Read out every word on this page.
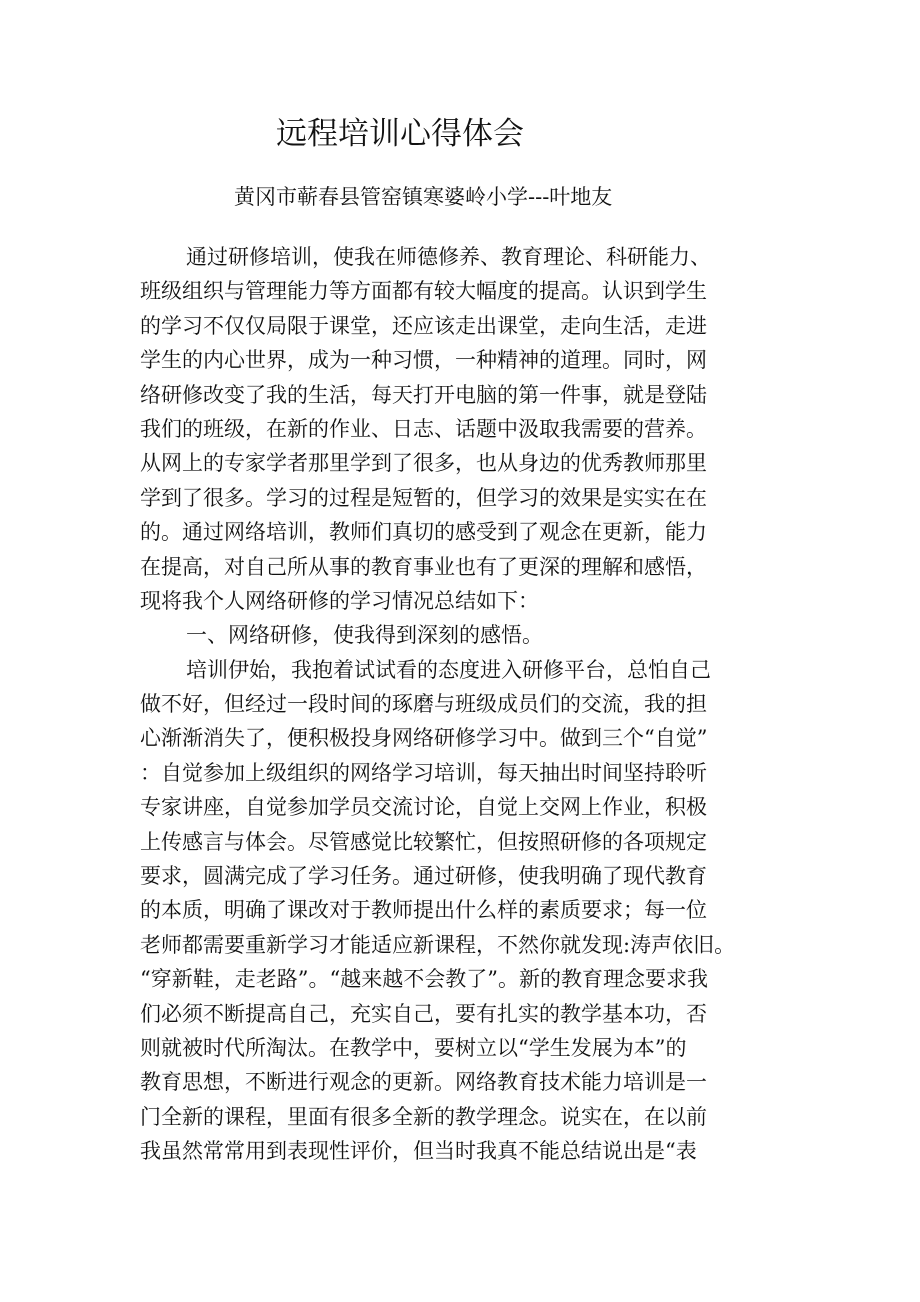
远程培训心得体会
黄冈市蕲春县管窑镇寒婆岭小学---叶地友
通过研修培训，使我在师德修养、教育理论、科研能力、
班级组织与管理能力等方面都有较大幅度的提高。认识到学生
的学习不仅仅局限于课堂，还应该走出课堂，走向生活，走进
学生的内心世界，成为一种习惯，一种精神的道理。同时，网
络研修改变了我的生活，每天打开电脑的第一件事，就是登陆
我们的班级，在新的作业、日志、话题中汲取我需要的营养。
从网上的专家学者那里学到了很多，也从身边的优秀教师那里
学到了很多。学习的过程是短暂的，但学习的效果是实实在在
的。通过网络培训，教师们真切的感受到了观念在更新，能力
在提高，对自己所从事的教育事业也有了更深的理解和感悟，
现将我个人网络研修的学习情况总结如下：
一、网络研修，使我得到深刻的感悟。
培训伊始，我抱着试试看的态度进入研修平台，总怕自己
做不好，但经过一段时间的琢磨与班级成员们的交流，我的担
心渐渐消失了，便积极投身网络研修学习中。做到三个“自觉”
：自觉参加上级组织的网络学习培训，每天抽出时间坚持聆听
专家讲座，自觉参加学员交流讨论，自觉上交网上作业，积极
上传感言与体会。尽管感觉比较繁忙，但按照研修的各项规定
要求，圆满完成了学习任务。通过研修，使我明确了现代教育
的本质，明确了课改对于教师提出什么样的素质要求；每一位
老师都需要重新学习才能适应新课程，不然你就发现:涛声依旧。
“穿新鞋，走老路”。“越来越不会教了”。新的教育理念要求我
们必须不断提高自己，充实自己，要有扎实的教学基本功，否
则就被时代所淘汰。在教学中，要树立以“学生发展为本”的
教育思想，不断进行观念的更新。网络教育技术能力培训是一
门全新的课程，里面有很多全新的教学理念。说实在，在以前
我虽然常常用到表现性评价，但当时我真不能总结说出是“表
